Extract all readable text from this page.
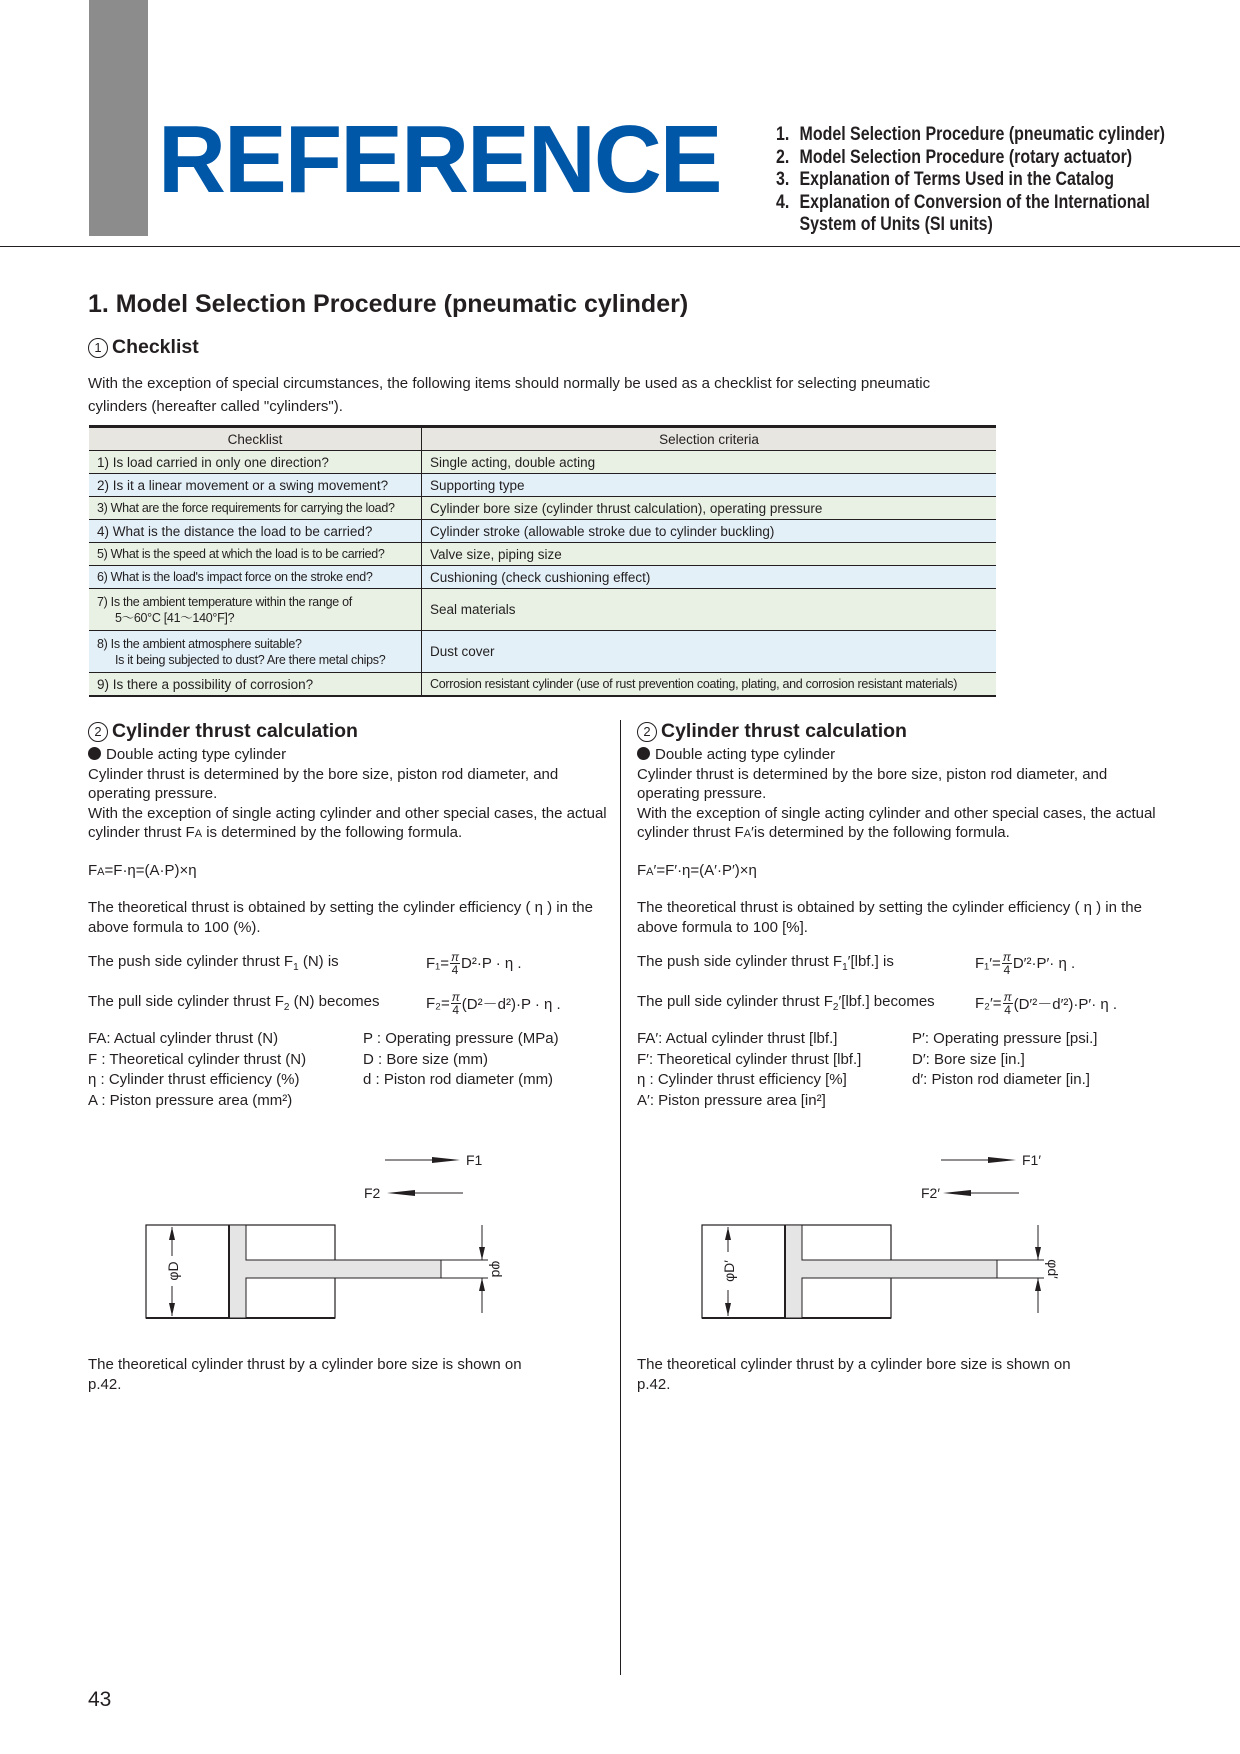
REFERENCE	1. Model Selection Procedure (pneumatic cylinder)
2. Model Selection Procedure (rotary actuator)
3. Explanation of Terms Used in the Catalog
4. Explanation of Conversion of the International
System of Units (SI units)
1. Model Selection Procedure (pneumatic cylinder)
1 Checklist
With the exception of special circumstances, the following items should normally be used as a checklist for selecting pneumatic
cylinders (hereafter called "cylinders").
Checklist	Selection criteria
1) Is load carried in only one direction?	Single acting, double acting
2) Is it a linear movement or a swing movement?	Supporting type
3) What are the force requirements for carrying the load?	Cylinder bore size (cylinder thrust calculation), operating pressure
4) What is the distance the load to be carried?	Cylinder stroke (allowable stroke due to cylinder buckling)
5) What is the speed at which the load is to be carried?	Valve size, piping size
6) What is the load's impact force on the stroke end?	Cushioning (check cushioning effect)

7) Is the ambient temperature within the range of
5～60°C [41～140°F]?	Seal materials

8) Is the ambient atmosphere suitable?
Is it being subjected to dust? Are there metal chips?	Dust cover
9) Is there a possibility of corrosion?	Corrosion resistant cylinder (use of rust prevention coating, plating, and corrosion resistant materials)
2 Cylinder thrust calculation

Double acting type cylinder

Cylinder thrust is determined by the bore size, piston rod diameter, and operating pressure.

With the exception of single acting cylinder and other special cases, the actual cylinder thrust FA is determined by the following formula.

FA=F·η=(A·P)×η

The theoretical thrust is obtained by setting the cylinder efficiency ( η ) in the above formula to 100 (%).

The push side cylinder thrust $F_1$ (N) is	$F_1= \frac{\pi}{4} D^2\cdot P \cdot \eta$ .
The pull side cylinder thrust $F_2$ (N) becomes	$F_2= \frac{\pi}{4} (D^2-d^2)\cdot P \cdot \eta$ .
FA: Actual cylinder thrust (N)	P : Operating pressure (MPa)
F : Theoretical cylinder thrust (N)	D : Bore size (mm)
η : Cylinder thrust efficiency (%)	d : Piston rod diameter (mm)
A : Piston pressure area (mm²)
F1
F2
φD	φd
The theoretical cylinder thrust by a cylinder bore size is shown on p.42.
2 Cylinder thrust calculation

Double acting type cylinder

Cylinder thrust is determined by the bore size, piston rod diameter, and operating pressure.

With the exception of single acting cylinder and other special cases, the actual cylinder thrust FA′is determined by the following formula.

FA′=F′·η=(A′·P′)×η

The theoretical thrust is obtained by setting the cylinder efficiency ( η ) in the above formula to 100 [%].

The push side cylinder thrust $F_1'[lbf.]$ is	$F_1'= \frac{\pi}{4} D'^2\cdot P'\cdot \eta$ .
The pull side cylinder thrust $F_2'[lbf.]$ becomes	$F_2'= \frac{\pi}{4} (D'^2-d'^2)\cdot P'\cdot \eta$ .
FA′: Actual cylinder thrust [lbf.]	P′: Operating pressure [psi.]
F′: Theoretical cylinder thrust [lbf.]	D′: Bore size [in.]
η : Cylinder thrust efficiency [%]	d′: Piston rod diameter [in.]
A′: Piston pressure area [in²]
F1′
F2′
φD′	φd′
The theoretical cylinder thrust by a cylinder bore size is shown on p.42.
43
